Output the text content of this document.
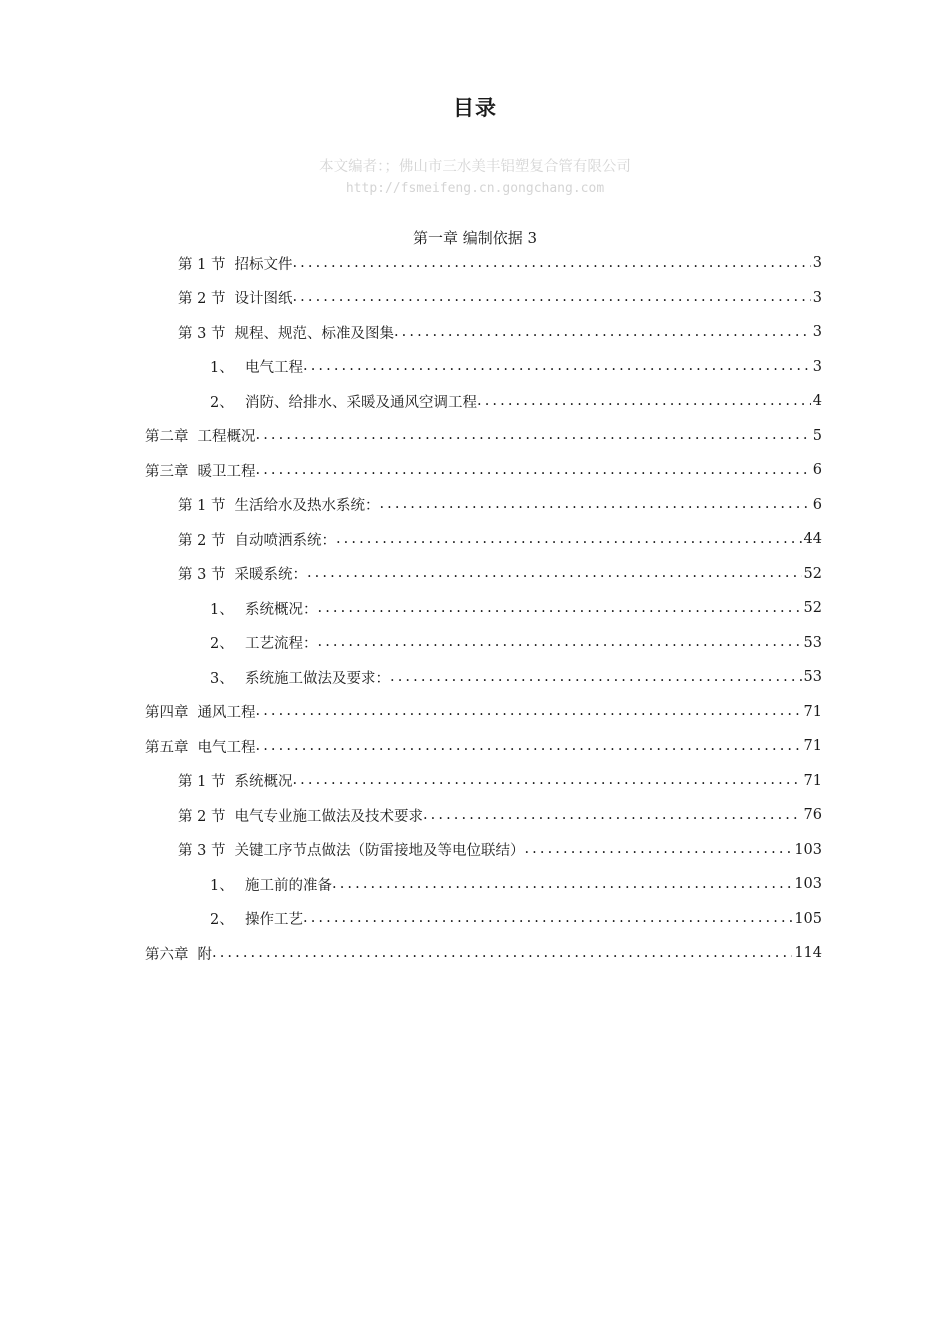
目录
本文编者：；佛山市三水美丰铝塑复合管有限公司
http://fsmeifeng.cn.gongchang.com
第一章 编制依据 3
第 1 节 招标文件 .....	3
第 2 节 设计图纸 .....	3
第 3 节 规程、规范、标准及图集 .....	3
1、 电气工程 .....	3
2、 消防、给排水、采暖及通风空调工程 .....	4
第二章 工程概况 .....	5
第三章 暖卫工程 .....	6
第 1 节 生活给水及热水系统： .....	6
第 2 节 自动喷洒系统： .....	44
第 3 节 采暖系统： .....	52
1、 系统概况： .....	52
2、 工艺流程： .....	53
3、 系统施工做法及要求： .....	53
第四章 通风工程 .....	71
第五章 电气工程 .....	71
第 1 节 系统概况 .....	71
第 2 节 电气专业施工做法及技术要求 .....	76
第 3 节 关键工序节点做法（防雷接地及等电位联结） .....	103
1、 施工前的准备 .....	103
2、 操作工艺 .....	105
第六章 附 .....	114
